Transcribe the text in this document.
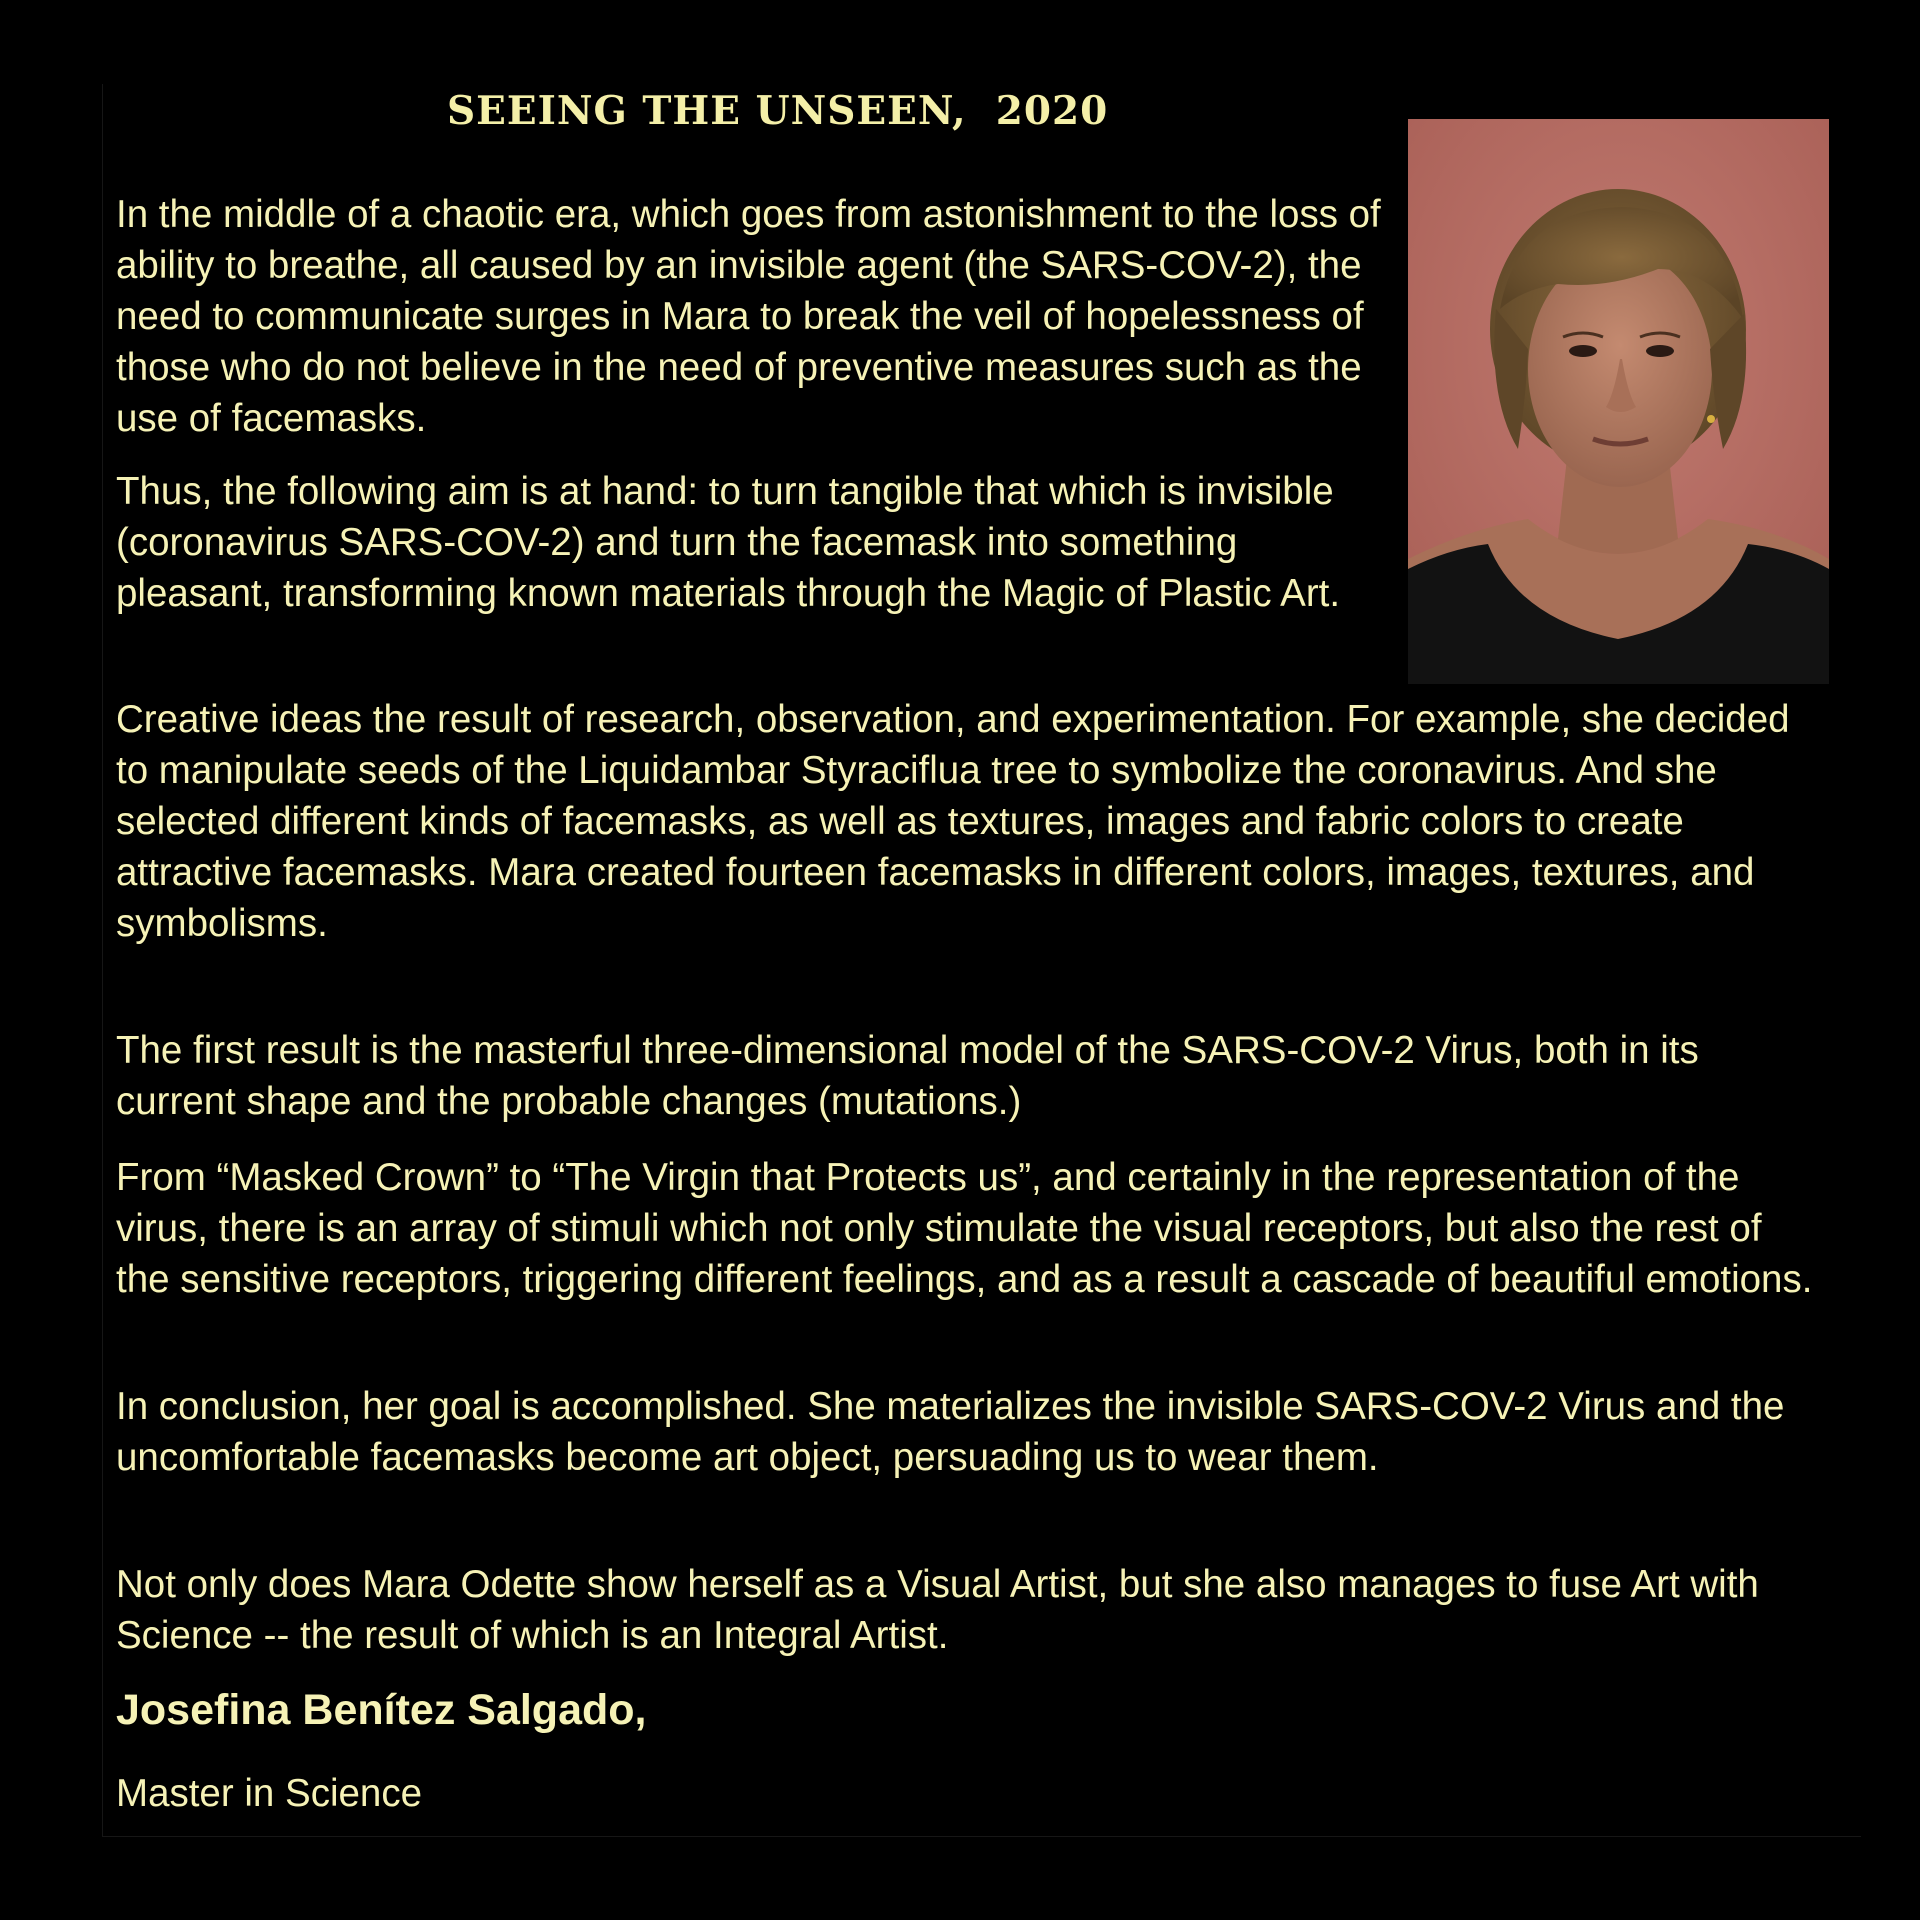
SEEING THE UNSEEN,  2020

In the middle of a chaotic era, which goes from astonishment to the loss of ability to breathe, all caused by an invisible agent (the SARS-COV-2), the need to communicate surges in Mara to break the veil of hopelessness of those who do not believe in the need of preventive measures such as the use of facemasks.

Thus, the following aim is at hand: to turn tangible that which is invisible (coronavirus SARS-COV-2) and turn the facemask into something pleasant, transforming known materials through the Magic of Plastic Art.

Creative ideas the result of research, observation, and experimentation. For example, she decided to manipulate seeds of the Liquidambar Styraciflua tree to symbolize the coronavirus. And she selected different kinds of facemasks, as well as textures, images and fabric colors to create attractive facemasks. Mara created fourteen facemasks in different colors, images, textures, and symbolisms.

The first result is the masterful three-dimensional model of the SARS-COV-2 Virus, both in its current shape and the probable changes (mutations.)

From “Masked Crown” to “The Virgin that Protects us”, and certainly in the representation of the virus, there is an array of stimuli which not only stimulate the visual receptors, but also the rest of the sensitive receptors, triggering different feelings, and as a result a cascade of beautiful emotions.

In conclusion, her goal is accomplished. She materializes the invisible SARS-COV-2 Virus and the uncomfortable facemasks become art object, persuading us to wear them.

Not only does Mara Odette show herself as a Visual Artist, but she also manages to fuse Art with Science -- the result of which is an Integral Artist.

Josefina Benítez Salgado,

Master in Science
